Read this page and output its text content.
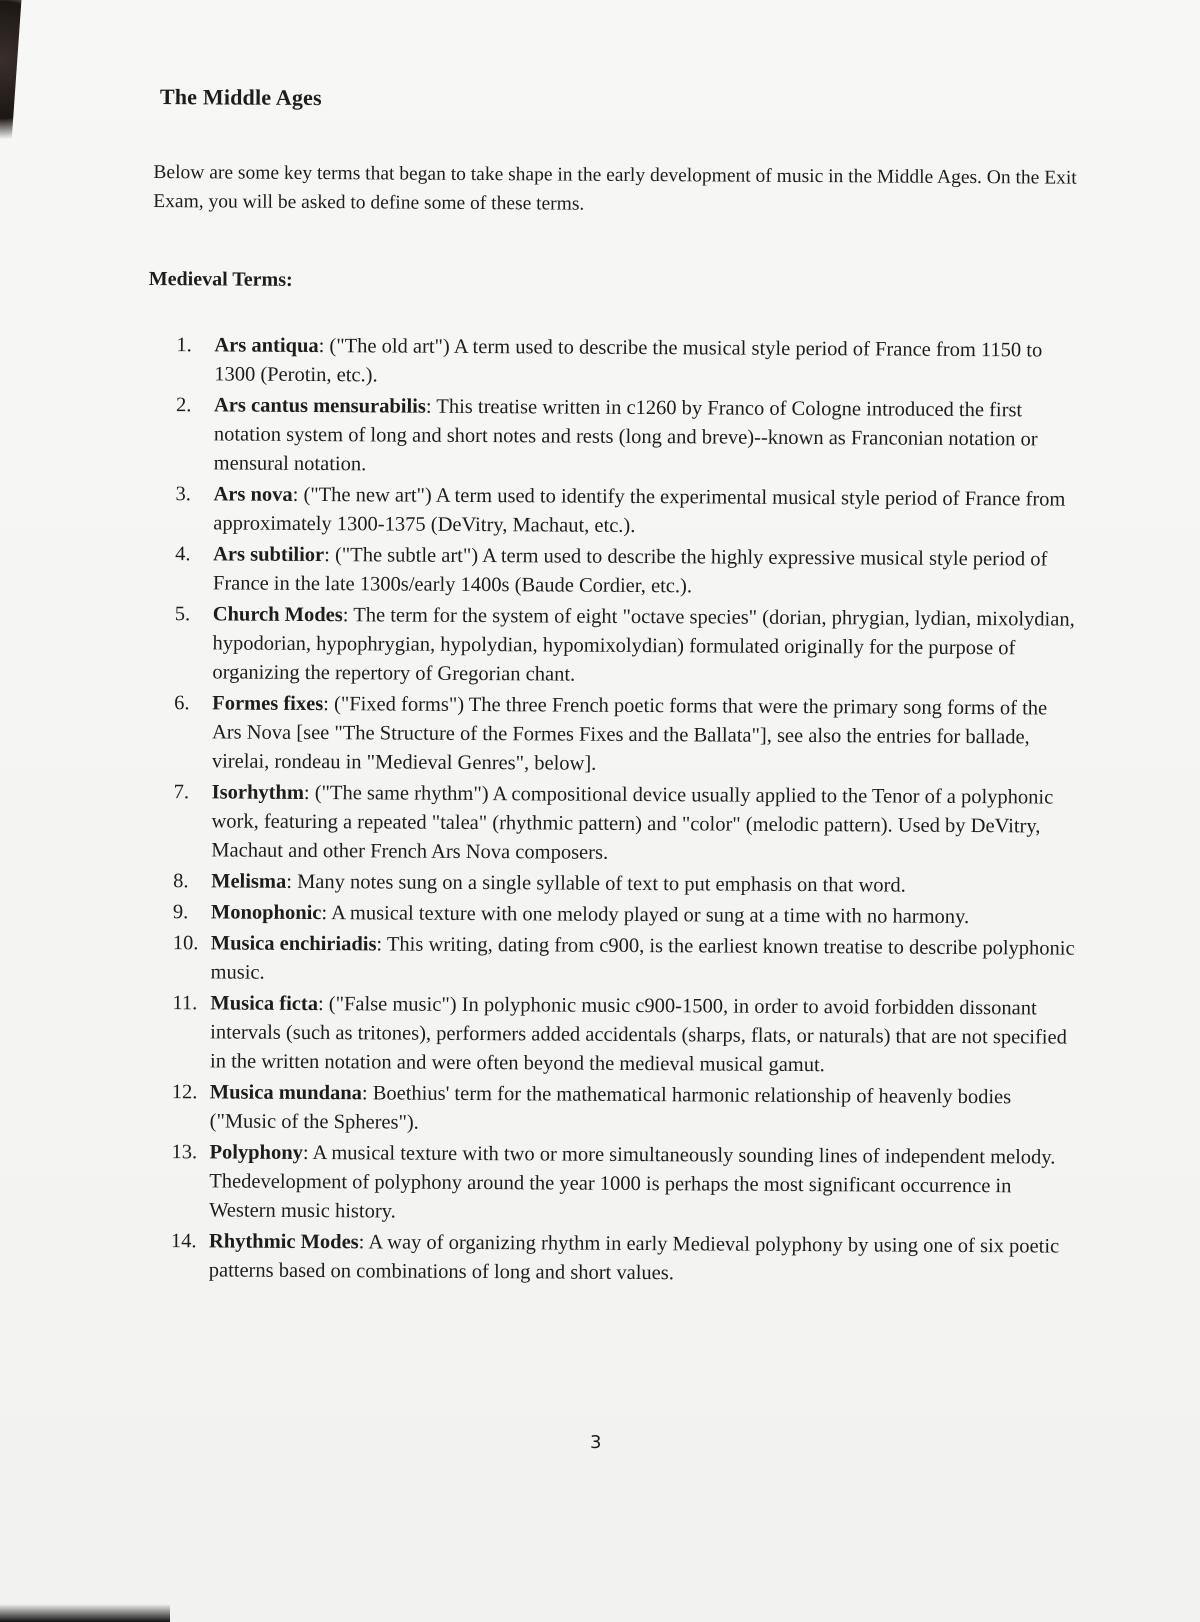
The Middle Ages

Below are some key terms that began to take shape in the early development of music in the Middle Ages. On the Exit Exam, you will be asked to define some of these terms.

Medieval Terms:
1.	Ars antiqua: ("The old art") A term used to describe the musical style period of France from 1150 to 1300 (Perotin, etc.).
2.	Ars cantus mensurabilis: This treatise written in c1260 by Franco of Cologne introduced the first notation system of long and short notes and rests (long and breve)--known as Franconian notation or mensural notation.
3.	Ars nova: ("The new art") A term used to identify the experimental musical style period of France from approximately 1300-1375 (DeVitry, Machaut, etc.).
4.	Ars subtilior: ("The subtle art") A term used to describe the highly expressive musical style period of France in the late 1300s/early 1400s (Baude Cordier, etc.).
5.	Church Modes: The term for the system of eight "octave species" (dorian, phrygian, lydian, mixolydian, hypodorian, hypophrygian, hypolydian, hypomixolydian) formulated originally for the purpose of organizing the repertory of Gregorian chant.
6.	Formes fixes: ("Fixed forms") The three French poetic forms that were the primary song forms of the Ars Nova [see "The Structure of the Formes Fixes and the Ballata"], see also the entries for ballade, virelai, rondeau in "Medieval Genres", below].
7.	Isorhythm: ("The same rhythm") A compositional device usually applied to the Tenor of a polyphonic work, featuring a repeated "talea" (rhythmic pattern) and "color" (melodic pattern). Used by DeVitry, Machaut and other French Ars Nova composers.
8.	Melisma: Many notes sung on a single syllable of text to put emphasis on that word.
9.	Monophonic: A musical texture with one melody played or sung at a time with no harmony.
10. Musica enchiriadis: This writing, dating from c900, is the earliest known treatise to describe polyphonic music.
11. Musica ficta: ("False music") In polyphonic music c900-1500, in order to avoid forbidden dissonant intervals (such as tritones), performers added accidentals (sharps, flats, or naturals) that are not specified in the written notation and were often beyond the medieval musical gamut.
12. Musica mundana: Boethius' term for the mathematical harmonic relationship of heavenly bodies ("Music of the Spheres").
13. Polyphony: A musical texture with two or more simultaneously sounding lines of independent melody. Thedevelopment of polyphony around the year 1000 is perhaps the most significant occurrence in Western music history.
14. Rhythmic Modes: A way of organizing rhythm in early Medieval polyphony by using one of six poetic patterns based on combinations of long and short values.
3
